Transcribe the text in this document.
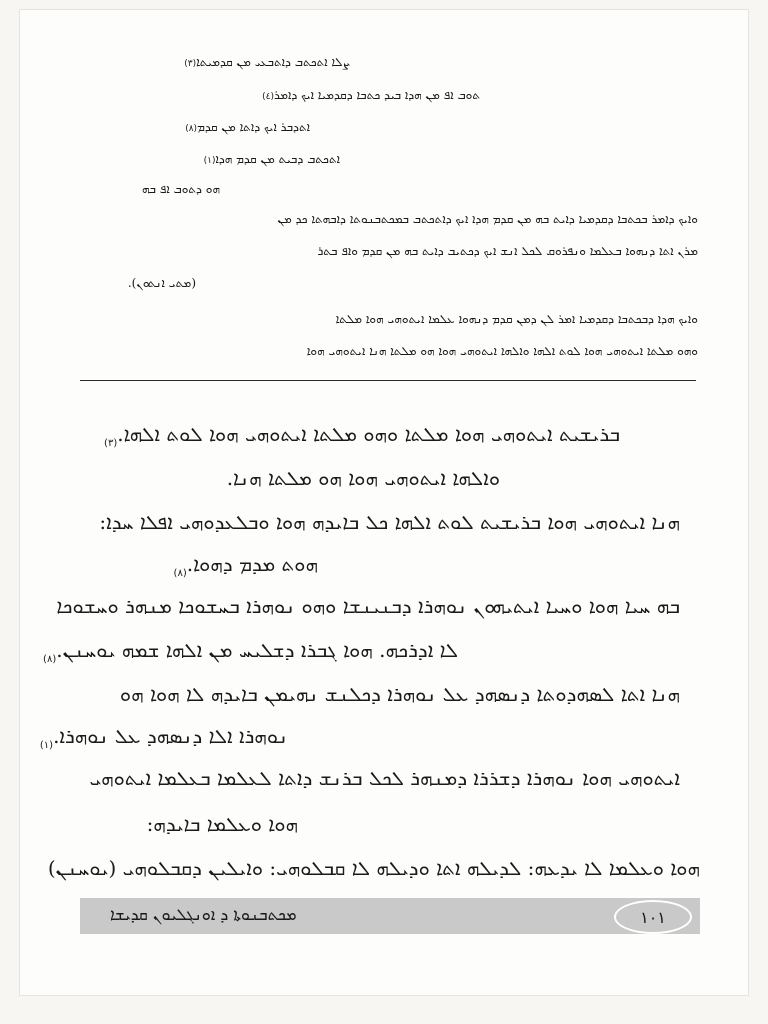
ܨܠܐ ܐܬܟܬܒ ܕܐܬܒܥܝ ܡܢ ܩܕܡܝܬܐ(٣)
ܬܘܒ ܐܦ ܡܢ ܗܕܐ ܒܝܕ ܟܬܒܐ ܕܩܕܡܝܐ ܐܝܟ ܕܐܡܪ(٤)
ܐܬܕܒܪ ܐܝܟ ܕܐܬܐ ܡܢ ܩܕܡ(٨)
ܐܬܟܬܒ ܕܒܝܬ ܡܢ ܩܕܡ ܗܕܐ(١)
ܗܘ ܕܬܘܒ ܐܦ ܒܗ
ܘܐܝܟ ܕܐܡܪ ܒܟܬܒܐ ܕܩܕܡܝܐ ܕܐܝܬ ܒܗ ܡܢ ܩܕܡ ܗܕܐ ܐܝܟ ܕܐܬܟܬܒ ܒܡܟܬܒܢܘܬܐ ܕܐܒܗܬܐ ܟܕ ܡܢ
ܡܪܢ ܐܬܐ ܕܢܗܘܐ ܒܥܠܡܐ ܘܢܦܪܘܩ ܠܟܠ ܐܢܫ ܐܝܟ ܕܟܬܝܒ ܕܐܝܬ ܒܗ ܡܢ ܩܕܡ ܘܐܦ ܒܬܪ
(ܡܬܝ ܐܢܬܘܢ).
ܘܐܝܟ ܗܕܐ ܕܒܟܬܒܐ ܕܩܕܡܝܐ ܐܡܪ ܠܢ ܕܡܢ ܩܕܡ ܕܢܗܘܐ ܥܠܡܐ ܐܝܬܘܗܝ ܗܘܐ ܡܠܬܐ
ܘܗܘ ܡܠܬܐ ܐܝܬܘܗܝ ܗܘܐ ܠܘܬ ܐܠܗܐ ܘܐܠܗܐ ܐܝܬܘܗܝ ܗܘܐ ܗܘ ܡܠܬܐ ܗܢܐ ܐܝܬܘܗܝ ܗܘܐ
ܒܪܝܫܝܬ ܐܝܬܘܗܝ ܗܘܐ ܡܠܬܐ ܘܗܘ ܡܠܬܐ ܐܝܬܘܗܝ ܗܘܐ ܠܘܬ $ܐܠܗܐ._{(٣)}$
ܘܐܠܗܐ ܐܝܬܘܗܝ ܗܘܐ ܗܘ ܡܠܬܐ ܗܢܐ.
ܗܢܐ ܐܝܬܘܗܝ ܗܘܐ ܒܪܝܫܝܬ ܠܘܬ ܐܠܗܐ ܟܠ ܒܐܝܕܗ ܗܘܐ ܘܒܠܥܕܘܗܝ ܐܦܠܐ ܚܕܐ:
ܗܘܬ ܡܕܡ $ܕܗܘܐ._{(٨)}$
ܒܗ ܚܝܐ ܗܘܐ ܘܚܝܐ ܐܝܬܝܗܘܢ ܢܘܗܪܐ ܕܒܢܝܢܫܐ ܘܗܘ ܢܘܗܪܐ ܒܚܫܘܟܐ ܡܢܗܪ ܘܚܫܘܟܐ
ܠܐ ܐܕܪܟܗ. ܗܘܐ ܓܒܪܐ ܕܫܠܝܚ ܡܢ ܐܠܗܐ ܫܡܗ $ܝܘܚܢܢ._{(٨)}$
ܗܢܐ ܐܬܐ ܠܣܗܕܘܬܐ ܕܢܣܗܕ ܥܠ ܢܘܗܪܐ ܕܟܠܢܫ ܢܗܝܡܢ ܒܐܝܕܗ ܠܐ ܗܘܐ ܗܘ
ܢܘܗܪܐ ܐܠܐ ܕܢܣܗܕ ܥܠ $ܢܘܗܪܐ._{(١)}$
ܐܝܬܘܗܝ ܗܘܐ ܢܘܗܪܐ ܕܫܪܪܐ ܕܡܢܗܪ ܠܟܠ ܒܪܢܫ ܕܐܬܐ ܠܥܠܡܐ ܒܥܠܡܐ ܐܝܬܘܗܝ
ܗܘܐ ܘܥܠܡܐ ܒܐܝܕܗ:
ܗܘܐ ܘܥܠܡܐ ܠܐ ܝܕܥܗ: ܠܕܝܠܗ ܐܬܐ ܘܕܝܠܗ ܠܐ ܩܒܠܘܗܝ: ܘܐܝܠܝܢ ܕܩܒܠܘܗܝ (ܝܘܚܢܢ)
ܡܟܬܒܢܘܬܐ ܕ ܐܘܢܓܠܝܘܢ ܩܕܝܫܐ	١٠١
